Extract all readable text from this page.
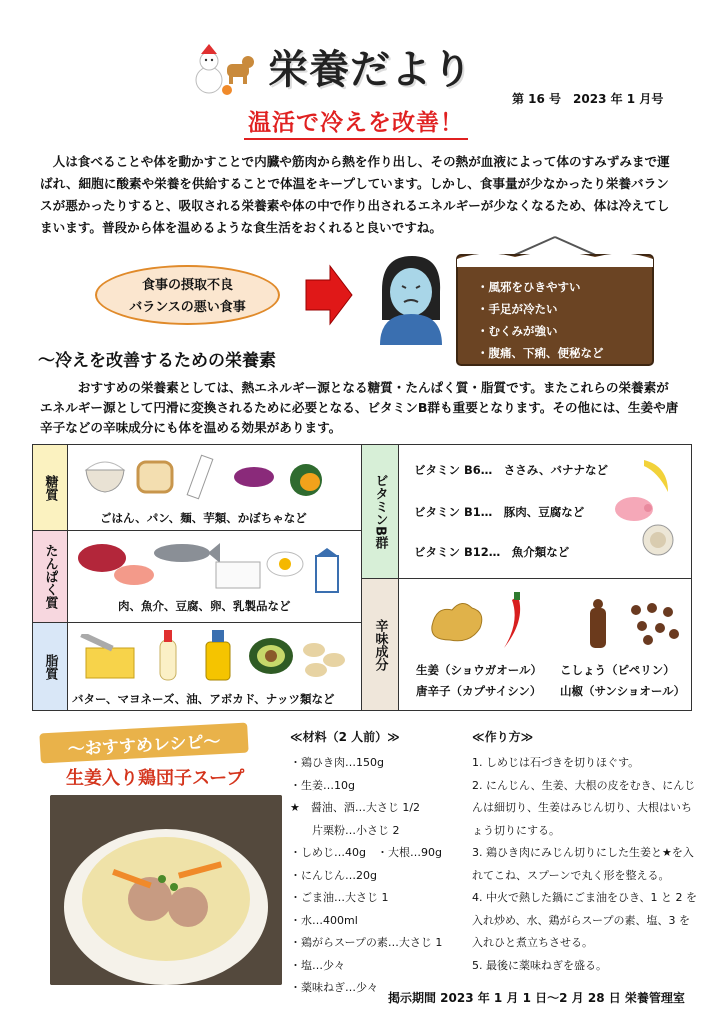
栄養だより
第 16 号　2023 年 1 月号
温活で冷えを改善！
人は食べることや体を動かすことで内臓や筋肉から熱を作り出し、その熱が血液によって体のすみずみまで運ばれ、細胞に酸素や栄養を供給することで体温をキープしています。しかし、食事量が少なかったり栄養バランスが悪かったりすると、吸収される栄養素や体の中で作り出されるエネルギーが少なくなるため、体は冷えてしまいます。普段から体を温めるような食生活をおくれると良いですね。
食事の摂取不良
バランスの悪い食事
・風邪をひきやすい
・手足が冷たい
・むくみが強い
・腹痛、下痢、便秘など
～冷えを改善するための栄養素
おすすめの栄養素としては、熱エネルギー源となる糖質・たんぱく質・脂質です。またこれらの栄養素がエネルギー源として円滑に変換されるために必要となる、ビタミンB群も重要となります。その他には、生姜や唐辛子などの辛味成分にも体を温める効果があります。
糖質
ごはん、パン、麺、芋類、かぼちゃなど
たんぱく質	肉、魚介、豆腐、卵、乳製品など
脂質
バター、マヨネーズ、油、アボカド、ナッツ類など
ビタミンB群
ビタミン B6…　ささみ、バナナなど
ビタミン B1…　豚肉、豆腐など
ビタミン B12…　魚介類など
辛味成分 生姜（ショウガオール）
唐辛子（カプサイシン）
こしょう（ピペリン）
山椒（サンショオール）
～おすすめレシピ～
生姜入り鶏団子スープ
≪材料（2 人前）≫
・鶏ひき肉…150g
・生姜…10g
★　醤油、酒…大さじ 1/2
　　片栗粉…小さじ 2
・しめじ…40g　・大根…90g
・にんじん…20g
・ごま油…大さじ 1
・水…400ml
・鶏がらスープの素…大さじ 1
・塩…少々
・薬味ねぎ…少々
≪作り方≫
1. しめじは石づきを切りほぐす。
2. にんじん、生姜、大根の皮をむき、にんじんは細切り、生姜はみじん切り、大根はいちょう切りにする。
3. 鶏ひき肉にみじん切りにした生姜と★を入れてこね、スプーンで丸く形を整える。
4. 中火で熱した鍋にごま油をひき、1 と 2 を入れ炒め、水、鶏がらスープの素、塩、3 を入れひと煮立ちさせる。
5. 最後に薬味ねぎを盛る。
掲示期間 2023 年 1 月 1 日～2 月 28 日 栄養管理室
